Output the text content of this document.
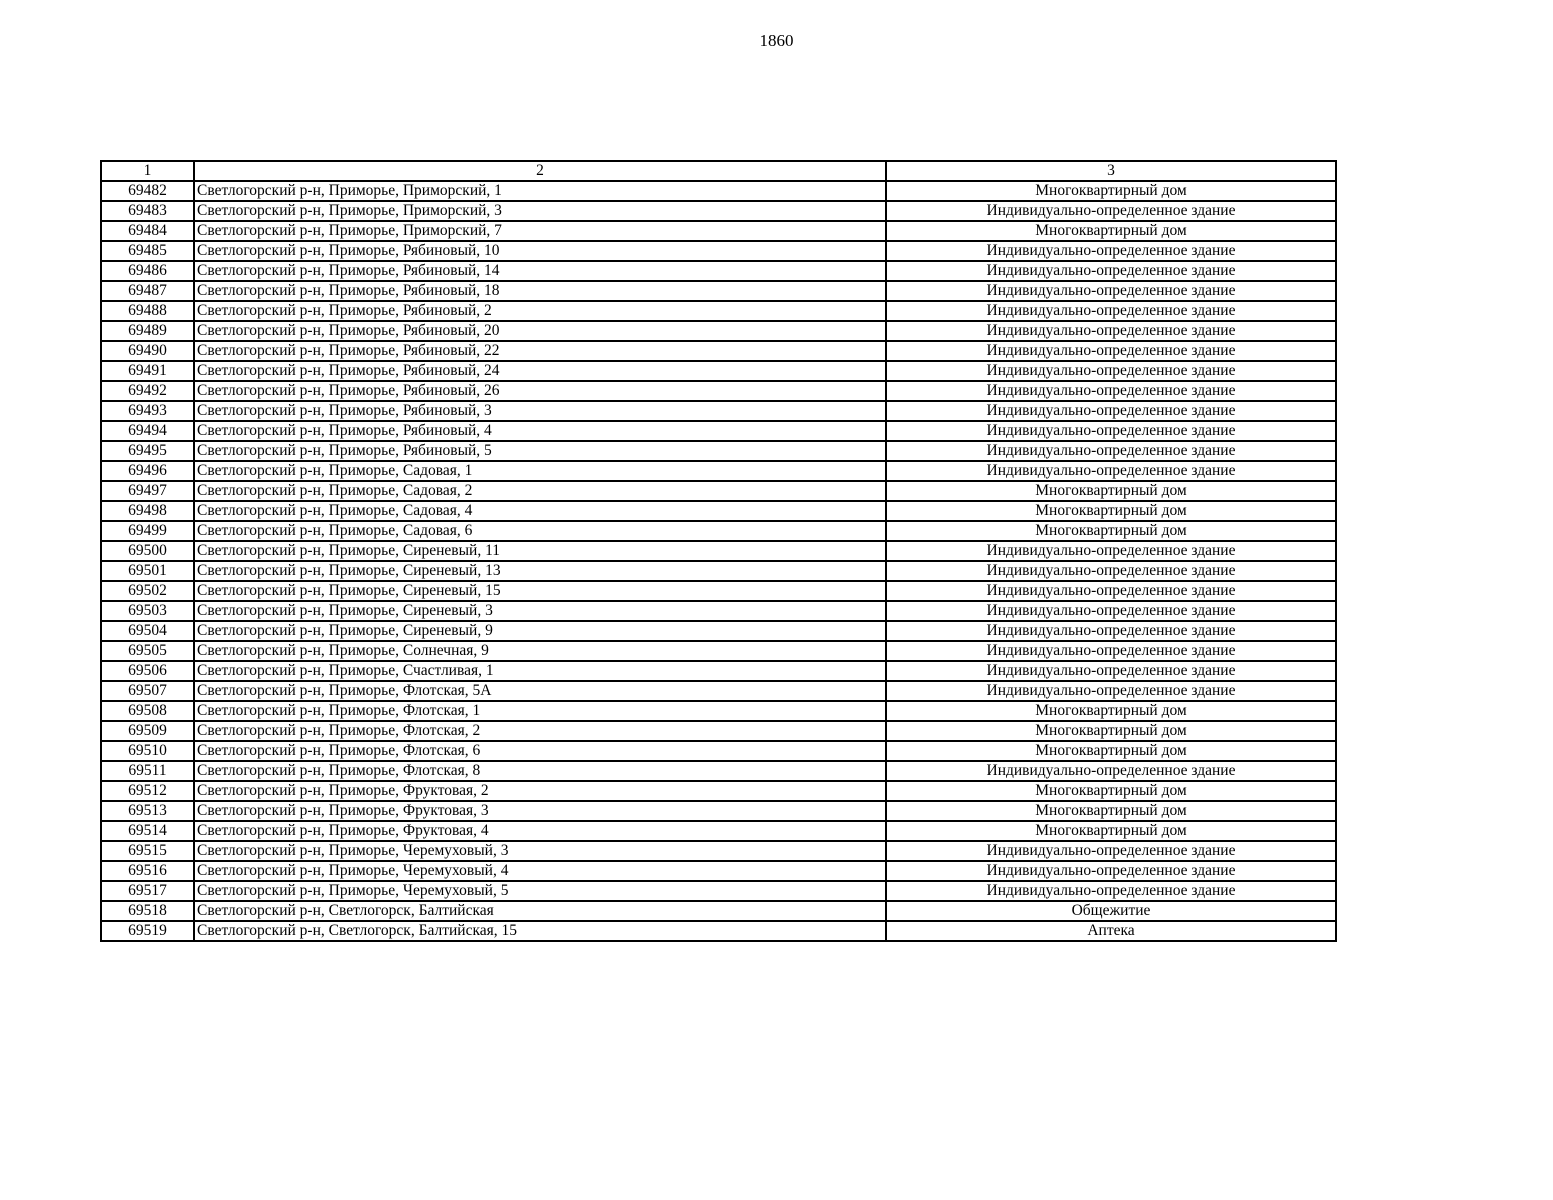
1860
1	2	3
69482	Светлогорский р-н, Приморье, Приморский, 1	Многоквартирный дом
69483	Светлогорский р-н, Приморье, Приморский, 3	Индивидуально-определенное здание
69484	Светлогорский р-н, Приморье, Приморский, 7	Многоквартирный дом
69485	Светлогорский р-н, Приморье, Рябиновый, 10	Индивидуально-определенное здание
69486	Светлогорский р-н, Приморье, Рябиновый, 14	Индивидуально-определенное здание
69487	Светлогорский р-н, Приморье, Рябиновый, 18	Индивидуально-определенное здание
69488	Светлогорский р-н, Приморье, Рябиновый, 2	Индивидуально-определенное здание
69489	Светлогорский р-н, Приморье, Рябиновый, 20	Индивидуально-определенное здание
69490	Светлогорский р-н, Приморье, Рябиновый, 22	Индивидуально-определенное здание
69491	Светлогорский р-н, Приморье, Рябиновый, 24	Индивидуально-определенное здание
69492	Светлогорский р-н, Приморье, Рябиновый, 26	Индивидуально-определенное здание
69493	Светлогорский р-н, Приморье, Рябиновый, 3	Индивидуально-определенное здание
69494	Светлогорский р-н, Приморье, Рябиновый, 4	Индивидуально-определенное здание
69495	Светлогорский р-н, Приморье, Рябиновый, 5	Индивидуально-определенное здание
69496	Светлогорский р-н, Приморье, Садовая, 1	Индивидуально-определенное здание
69497	Светлогорский р-н, Приморье, Садовая, 2	Многоквартирный дом
69498	Светлогорский р-н, Приморье, Садовая, 4	Многоквартирный дом
69499	Светлогорский р-н, Приморье, Садовая, 6	Многоквартирный дом
69500	Светлогорский р-н, Приморье, Сиреневый, 11	Индивидуально-определенное здание
69501	Светлогорский р-н, Приморье, Сиреневый, 13	Индивидуально-определенное здание
69502	Светлогорский р-н, Приморье, Сиреневый, 15	Индивидуально-определенное здание
69503	Светлогорский р-н, Приморье, Сиреневый, 3	Индивидуально-определенное здание
69504	Светлогорский р-н, Приморье, Сиреневый, 9	Индивидуально-определенное здание
69505	Светлогорский р-н, Приморье, Солнечная, 9	Индивидуально-определенное здание
69506	Светлогорский р-н, Приморье, Счастливая, 1	Индивидуально-определенное здание
69507	Светлогорский р-н, Приморье, Флотская, 5А	Индивидуально-определенное здание
69508	Светлогорский р-н, Приморье, Флотская, 1	Многоквартирный дом
69509	Светлогорский р-н, Приморье, Флотская, 2	Многоквартирный дом
69510	Светлогорский р-н, Приморье, Флотская, 6	Многоквартирный дом
69511	Светлогорский р-н, Приморье, Флотская, 8	Индивидуально-определенное здание
69512	Светлогорский р-н, Приморье, Фруктовая, 2	Многоквартирный дом
69513	Светлогорский р-н, Приморье, Фруктовая, 3	Многоквартирный дом
69514	Светлогорский р-н, Приморье, Фруктовая, 4	Многоквартирный дом
69515	Светлогорский р-н, Приморье, Черемуховый, 3	Индивидуально-определенное здание
69516	Светлогорский р-н, Приморье, Черемуховый, 4	Индивидуально-определенное здание
69517	Светлогорский р-н, Приморье, Черемуховый, 5	Индивидуально-определенное здание
69518	Светлогорский р-н, Светлогорск, Балтийская	Общежитие
69519	Светлогорский р-н, Светлогорск, Балтийская, 15	Аптека
